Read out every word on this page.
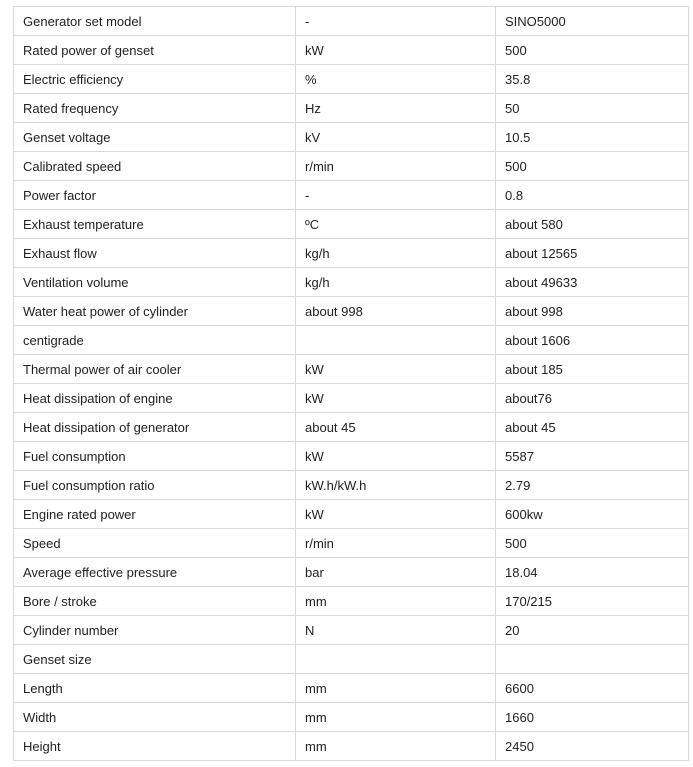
Generator set model	-	SINO5000
Rated power of genset	kW	500
Electric efficiency	%	35.8
Rated frequency	Hz	50
Genset voltage	kV	10.5
Calibrated speed	r/min	500
Power factor	-	0.8
Exhaust temperature	ºC	about 580
Exhaust flow	kg/h	about 12565
Ventilation volume	kg/h	about 49633
Water heat power of cylinder	about 998	about 998
centigrade		about 1606
Thermal power of air cooler	kW	about 185
Heat dissipation of engine	kW	about76
Heat dissipation of generator	about 45	about 45
Fuel consumption	kW	5587
Fuel consumption ratio	kW.h/kW.h	2.79
Engine rated power	kW	600kw
Speed	r/min	500
Average effective pressure	bar	18.04
Bore / stroke	mm	170/215
Cylinder number	N	20
Genset size		
Length	mm	6600
Width	mm	1660
Height	mm	2450
